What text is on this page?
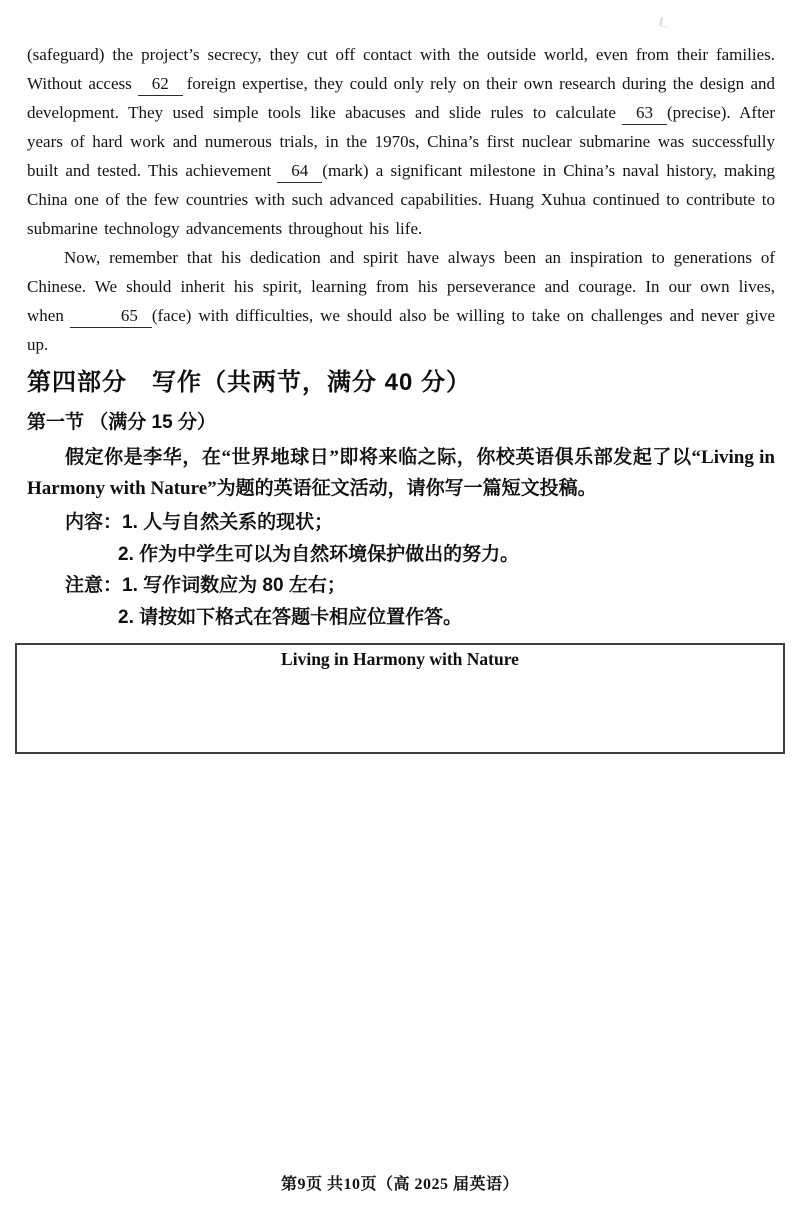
(safeguard) the project’s secrecy, they cut off contact with the outside world, even from their families. Without access 62 foreign expertise, they could only rely on their own research during the design and development. They used simple tools like abacuses and slide rules to calculate 63 (precise). After years of hard work and numerous trials, in the 1970s, China’s first nuclear submarine was successfully built and tested. This achievement 64 (mark) a significant milestone in China’s naval history, making China one of the few countries with such advanced capabilities. Huang Xuhua continued to contribute to submarine technology advancements throughout his life.

Now, remember that his dedication and spirit have always been an inspiration to generations of Chinese. We should inherit his spirit, learning from his perseverance and courage. In our own lives, when	65 (face) with difficulties, we should also be willing to take on challenges and never give up.

第四部分　写作（共两节，满分 40 分）
第一节 （满分 15 分）

假定你是李华，在“世界地球日”即将来临之际，你校英语俱乐部发起了以“Living in Harmony with Nature”为题的英语征文活动，请你写一篇短文投稿。

内容： 1. 人与自然关系的现状；
2. 作为中学生可以为自然环境保护做出的努力。
注意： 1. 写作词数应为 80 左右；
2. 请按如下格式在答题卡相应位置作答。
Living in Harmony with Nature
第9页 共10页（高 2025 届英语）
